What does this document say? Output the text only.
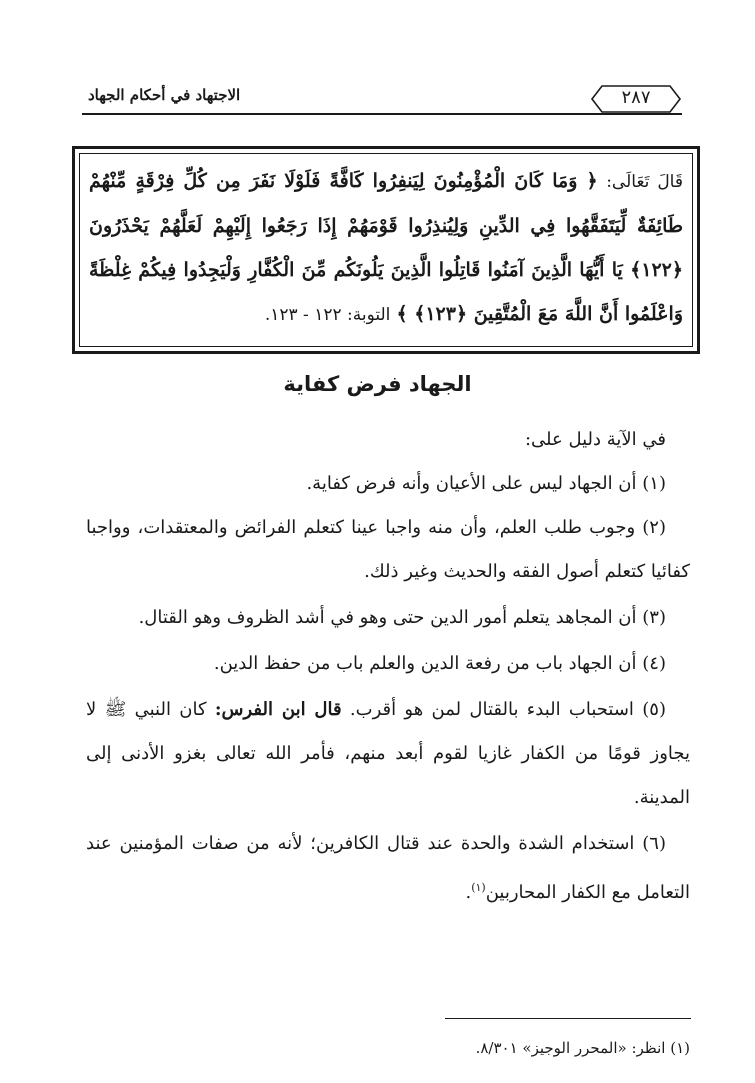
الاجتهاد في أحكام الجهاد	٢٨٧
قَالَ تَعَالَى: ﴿ وَمَا كَانَ الْمُؤْمِنُونَ لِيَنفِرُوا كَافَّةً فَلَوْلَا نَفَرَ مِن كُلِّ فِرْقَةٍ مِّنْهُمْ طَائِفَةٌ لِّيَتَفَقَّهُوا فِي الدِّينِ وَلِيُنذِرُوا قَوْمَهُمْ إِذَا رَجَعُوا إِلَيْهِمْ لَعَلَّهُمْ يَحْذَرُونَ ﴿١٢٢﴾ يَا أَيُّهَا الَّذِينَ آمَنُوا قَاتِلُوا الَّذِينَ يَلُونَكُم مِّنَ الْكُفَّارِ وَلْيَجِدُوا فِيكُمْ غِلْظَةً وَاعْلَمُوا أَنَّ اللَّهَ مَعَ الْمُتَّقِينَ ﴿١٢٣﴾ ﴾ التوبة: ١٢٢ - ١٢٣.
الجهاد فرض كفاية
في الآية دليل على:

(١) أن الجهاد ليس على الأعيان وأنه فرض كفاية.

(٢) وجوب طلب العلم، وأن منه واجبا عينا كتعلم الفرائض والمعتقدات، وواجبا كفائيا كتعلم أصول الفقه والحديث وغير ذلك.

(٣) أن المجاهد يتعلم أمور الدين حتى وهو في أشد الظروف وهو القتال.

(٤) أن الجهاد باب من رفعة الدين والعلم باب من حفظ الدين.

(٥) استحباب البدء بالقتال لمن هو أقرب. قال ابن الفرس: كان النبي ﷺ لا يجاوز قومًا من الكفار غازيا لقوم أبعد منهم، فأمر الله تعالى بغزو الأدنى إلى المدينة.

(٦) استخدام الشدة والحدة عند قتال الكافرين؛ لأنه من صفات المؤمنين عند التعامل مع الكفار المحاربين$^{(١)}$.

(١) انظر: «المحرر الوجيز» ٨/٣٠١.
